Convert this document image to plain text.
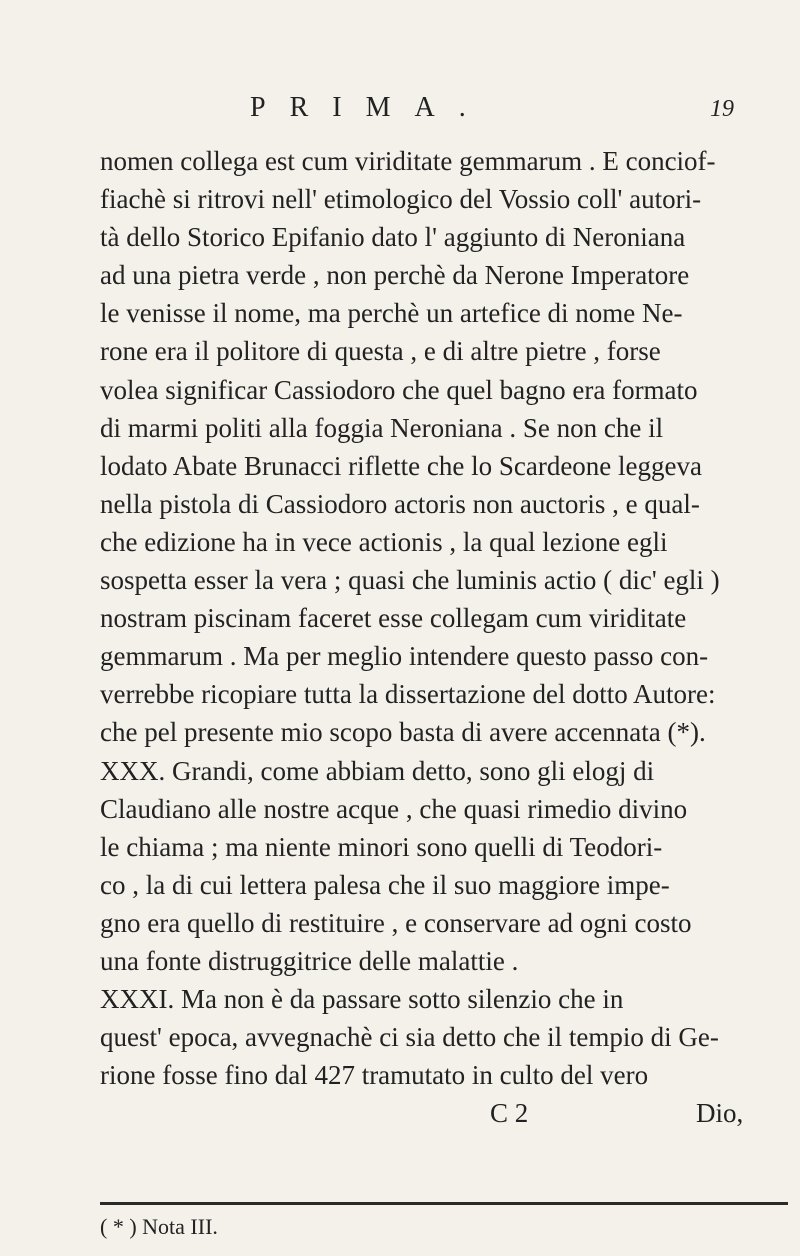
PRIMA.	19
nomen collega est cum viriditate gemmarum . E conciof-
fiachè si ritrovi nell' etimologico del Vossio coll' autori-
tà dello Storico Epifanio dato l' aggiunto di Neroniana
ad una pietra verde , non perchè da Nerone Imperatore
le venisse il nome, ma perchè un artefice di nome Ne-
rone era il politore di questa , e di altre pietre , forse
volea significar Cassiodoro che quel bagno era formato
di marmi politi alla foggia Neroniana . Se non che il
lodato Abate Brunacci riflette che lo Scardeone leggeva
nella pistola di Cassiodoro actoris non auctoris , e qual-
che edizione ha in vece actionis , la qual lezione egli
sospetta esser la vera ; quasi che luminis actio ( dic' egli )
nostram piscinam faceret esse collegam cum viriditate
gemmarum . Ma per meglio intendere questo passo con-
verrebbe ricopiare tutta la dissertazione del dotto Autore:
che pel presente mio scopo basta di avere accennata (*).
XXX. Grandi, come abbiam detto, sono gli elogj di
Claudiano alle nostre acque , che quasi rimedio divino
le chiama ; ma niente minori sono quelli di Teodori-
co , la di cui lettera palesa che il suo maggiore impe-
gno era quello di restituire , e conservare ad ogni costo
una fonte distruggitrice delle malattie .
XXXI. Ma non è da passare sotto silenzio che in
quest' epoca, avvegnachè ci sia detto che il tempio di Ge-
rione fosse fino dal 427 tramutato in culto del vero
C 2	Dio,
( * ) Nota III.
